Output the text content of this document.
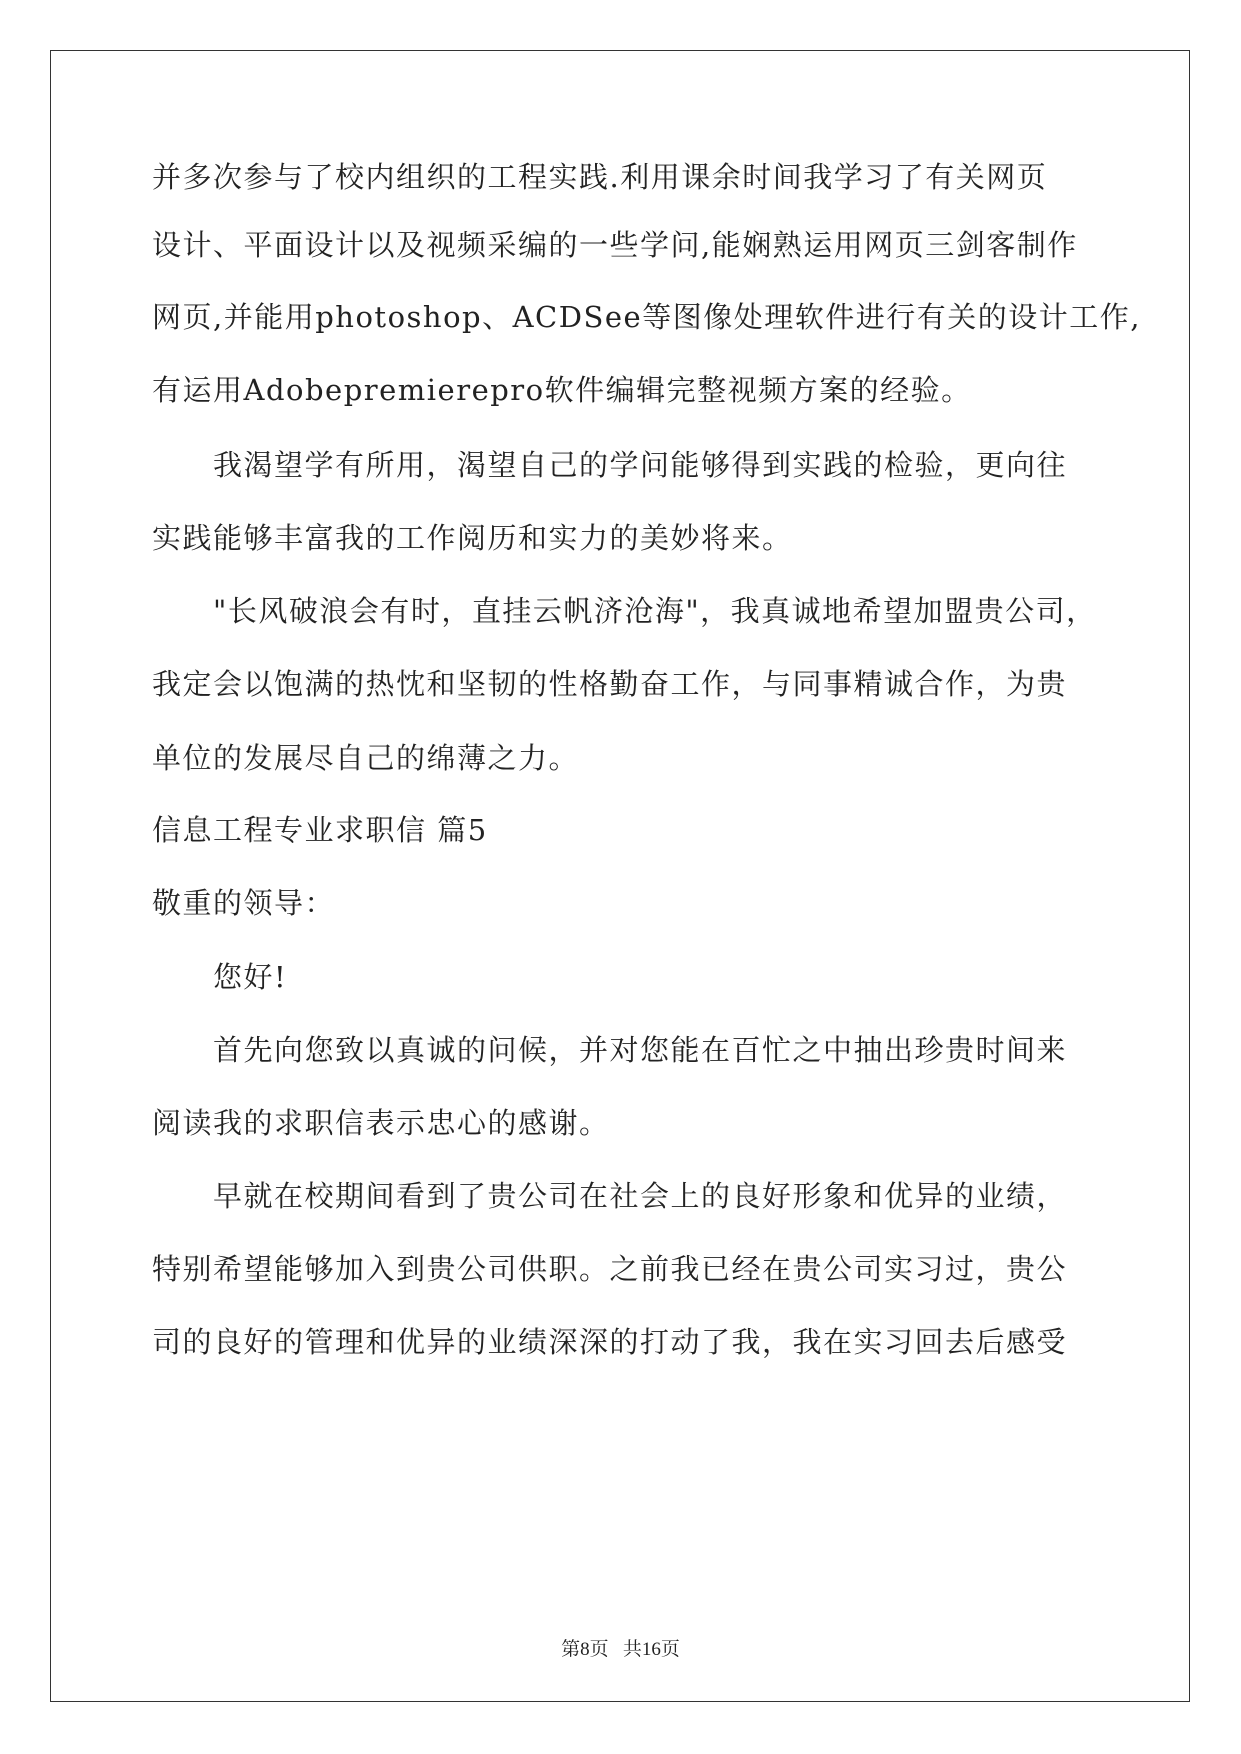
并多次参与了校内组织的工程实践.利用课余时间我学习了有关网页
设计、平面设计以及视频采编的一些学问,能娴熟运用网页三剑客制作
网页,并能用photoshop、ACDSee等图像处理软件进行有关的设计工作,
有运用Adobepremierepro软件编辑完整视频方案的经验。
我渴望学有所用，渴望自己的学问能够得到实践的检验，更向往
实践能够丰富我的工作阅历和实力的美妙将来。
"长风破浪会有时，直挂云帆济沧海"，我真诚地希望加盟贵公司，
我定会以饱满的热忱和坚韧的性格勤奋工作，与同事精诚合作，为贵
单位的发展尽自己的绵薄之力。
信息工程专业求职信 篇5
敬重的领导：
您好!
首先向您致以真诚的问候，并对您能在百忙之中抽出珍贵时间来
阅读我的求职信表示忠心的感谢。
早就在校期间看到了贵公司在社会上的良好形象和优异的业绩，
特别希望能够加入到贵公司供职。之前我已经在贵公司实习过，贵公
司的良好的管理和优异的业绩深深的打动了我，我在实习回去后感受
第8页   共16页
